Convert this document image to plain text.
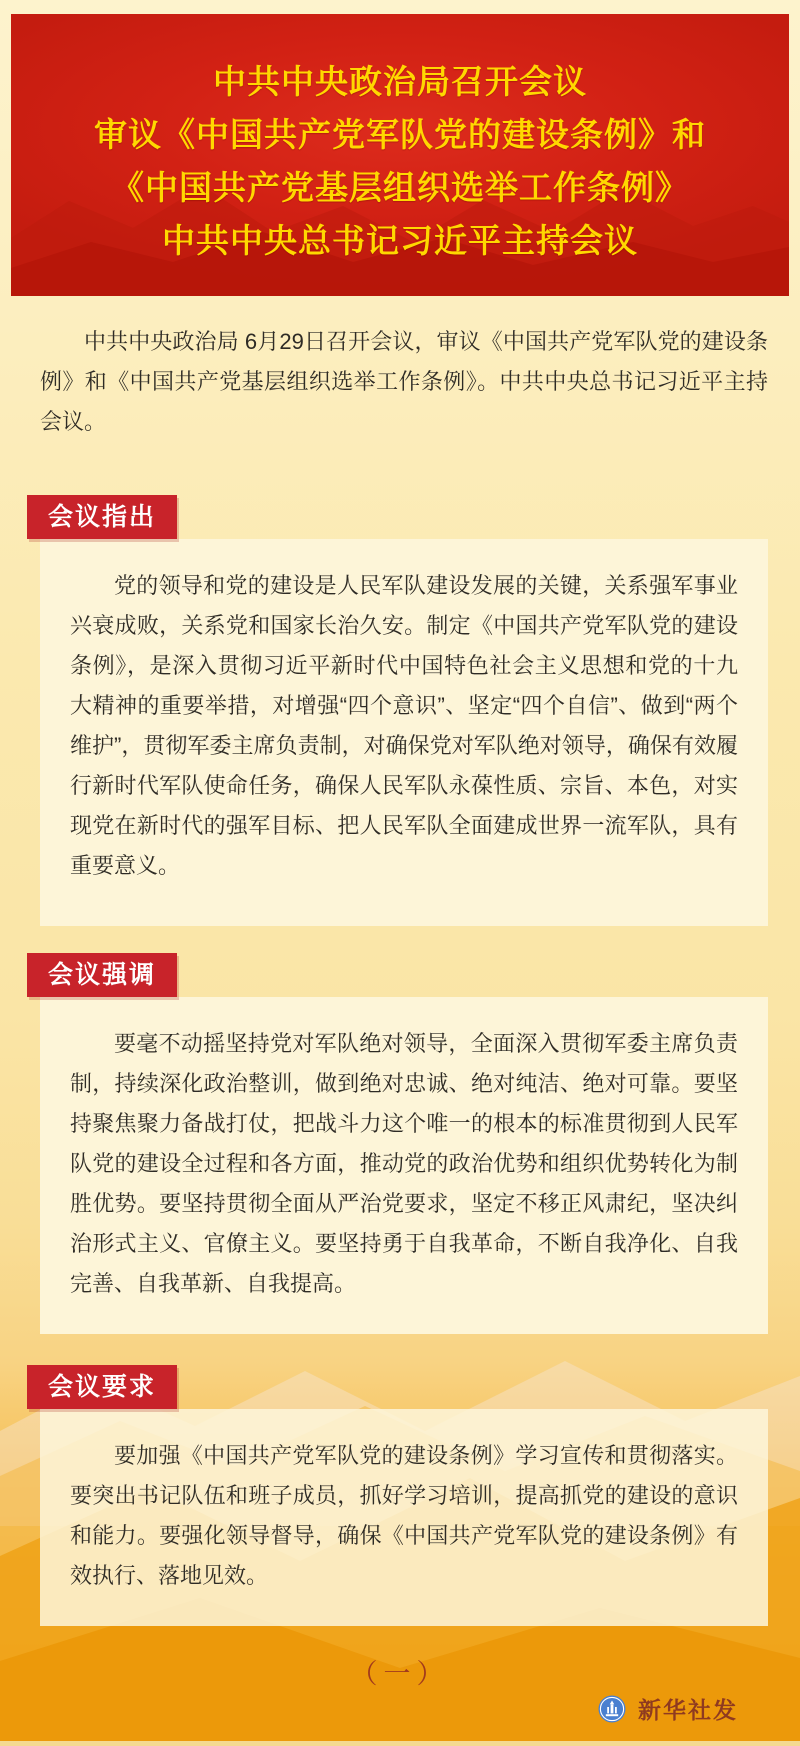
中共中央政治局召开会议
审议《中国共产党军队党的建设条例》和
《中国共产党基层组织选举工作条例》
中共中央总书记习近平主持会议

中共中央政治局 6月29日召开会议，审议《中国共产党军队党的建设条例》和《中国共产党基层组织选举工作条例》。中共中央总书记习近平主持会议。

会议指出

党的领导和党的建设是人民军队建设发展的关键，关系强军事业兴衰成败，关系党和国家长治久安。制定《中国共产党军队党的建设条例》，是深入贯彻习近平新时代中国特色社会主义思想和党的十九大精神的重要举措，对增强“四个意识”、坚定“四个自信”、做到“两个维护”，贯彻军委主席负责制，对确保党对军队绝对领导，确保有效履行新时代军队使命任务，确保人民军队永葆性质、宗旨、本色，对实现党在新时代的强军目标、把人民军队全面建成世界一流军队，具有重要意义。

会议强调

要毫不动摇坚持党对军队绝对领导，全面深入贯彻军委主席负责制，持续深化政治整训，做到绝对忠诚、绝对纯洁、绝对可靠。要坚持聚焦聚力备战打仗，把战斗力这个唯一的根本的标准贯彻到人民军队党的建设全过程和各方面，推动党的政治优势和组织优势转化为制胜优势。要坚持贯彻全面从严治党要求，坚定不移正风肃纪，坚决纠治形式主义、官僚主义。要坚持勇于自我革命，不断自我净化、自我完善、自我革新、自我提高。

会议要求

要加强《中国共产党军队党的建设条例》学习宣传和贯彻落实。要突出书记队伍和班子成员，抓好学习培训，提高抓党的建设的意识和能力。要强化领导督导，确保《中国共产党军队党的建设条例》有效执行、落地见效。

（一）
新华社发
